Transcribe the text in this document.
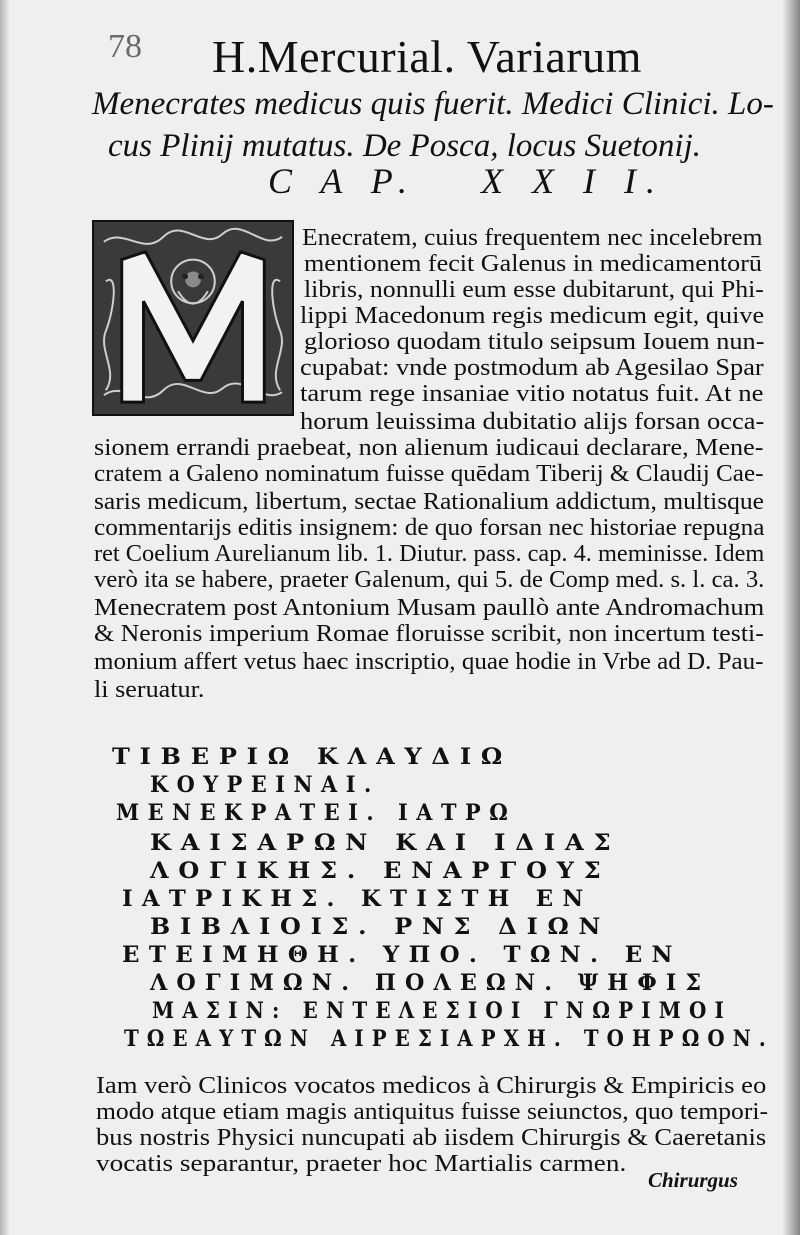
78 H.Mercurial. Variarum
Menecrates medicus quis fuerit. Medici Clinici. Lo-
cus Plinij mutatus. De Posca, locus Suetonij.
C A P. X X I I.
Enecratem, cuius frequentem nec incelebrem
mentionem fecit Galenus in medicamentorū
libris, nonnulli eum esse dubitarunt, qui Phi-
lippi Macedonum regis medicum egit, quive
glorioso quodam titulo seipsum Iouem nun-
cupabat: vnde postmodum ab Agesilao Spar
tarum rege insaniae vitio notatus fuit. At ne
horum leuissima dubitatio alijs forsan occa-
sionem errandi praebeat, non alienum iudicaui declarare, Mene-
cratem a Galeno nominatum fuisse quēdam Tiberij & Claudij Cae-
saris medicum, libertum, sectae Rationalium addictum, multisque
commentarijs editis insignem: de quo forsan nec historiae repugna
ret Coelium Aurelianum lib. 1. Diutur. pass. cap. 4. meminisse. Idem
verò ita se habere, praeter Galenum, qui 5. de Comp med. s. l. ca. 3.
Menecratem post Antonium Musam paullò ante Andromachum
& Neronis imperium Romae floruisse scribit, non incertum testi-
monium affert vetus haec inscriptio, quae hodie in Vrbe ad D. Pau-
li seruatur.
ΤΙΒΕΡΙΩ ΚΛΑΥΔΙΩ
ΚΟΥΡΕΙΝΑΙ.
ΜΕΝΕΚΡΑΤΕΙ. ΙΑΤΡΩ
ΚΑΙΣΑΡΩΝ ΚΑΙ ΙΔΙΑΣ
ΛΟΓΙΚΗΣ. ΕΝΑΡΓΟΥΣ
ΙΑΤΡΙΚΗΣ. ΚΤΙΣΤΗ ΕΝ
ΒΙΒΛΙΟΙΣ. ΡΝΣ ΔΙΩΝ
ΕΤΕΙΜΗΘΗ. ΥΠΟ. ΤΩΝ. ΕΝ
ΛΟΓΙΜΩΝ. ΠΟΛΕΩΝ. ΨΗΦΙΣ
ΜΑΣΙΝ: ΕΝΤΕΛΕΣΙΟΙ ΓΝΩΡΙΜΟΙ
ΤΩΕΑΥΤΩΝ ΑΙΡΕΣΙΑΡΧΗ. ΤΟΗΡΩΟΝ.
Iam verò Clinicos vocatos medicos à Chirurgis & Empiricis eo
modo atque etiam magis antiquitus fuisse seiunctos, quo tempori-
bus nostris Physici nuncupati ab iisdem Chirurgis & Caeretanis
vocatis separantur, praeter hoc Martialis carmen.
Chirurgus
